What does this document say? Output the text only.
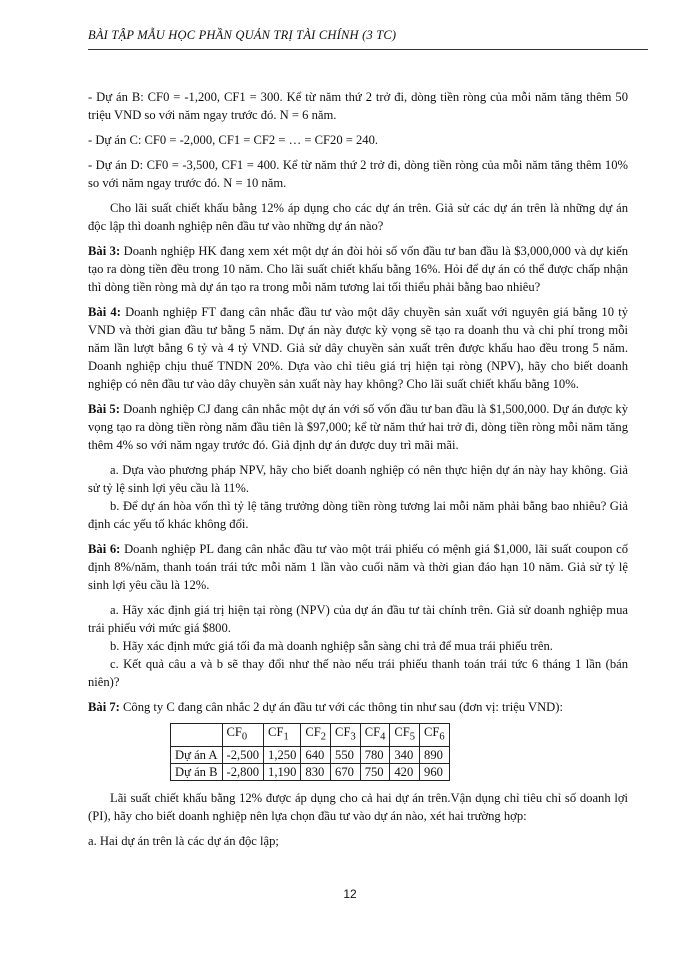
BÀI TẬP MẪU HỌC PHẦN QUẢN TRỊ TÀI CHÍNH (3 TC)

- Dự án B: CF0 = -1,200, CF1 = 300. Kể từ năm thứ 2 trở đi, dòng tiền ròng của mỗi năm tăng thêm 50 triệu VND so với năm ngay trước đó. N = 6 năm.

- Dự án C: CF0 = -2,000, CF1 = CF2 = … = CF20 = 240.

- Dự án D: CF0 = -3,500, CF1 = 400. Kể từ năm thứ 2 trở đi, dòng tiền ròng của mỗi năm tăng thêm 10% so với năm ngay trước đó. N = 10 năm.

Cho lãi suất chiết khấu bằng 12% áp dụng cho các dự án trên. Giả sử các dự án trên là những dự án độc lập thì doanh nghiệp nên đầu tư vào những dự án nào?

Bài 3: Doanh nghiệp HK đang xem xét một dự án đòi hỏi số vốn đầu tư ban đầu là $3,000,000 và dự kiến tạo ra dòng tiền đều trong 10 năm. Cho lãi suất chiết khấu bằng 16%. Hỏi để dự án có thể được chấp nhận thì dòng tiền ròng mà dự án tạo ra trong mỗi năm tương lai tối thiểu phải bằng bao nhiêu?

Bài 4: Doanh nghiệp FT đang cân nhắc đầu tư vào một dây chuyền sản xuất với nguyên giá bằng 10 tỷ VND và thời gian đầu tư bằng 5 năm. Dự án này được kỳ vọng sẽ tạo ra doanh thu và chi phí trong mỗi năm lần lượt bằng 6 tỷ và 4 tỷ VND. Giả sử dây chuyền sản xuất trên được khấu hao đều trong 5 năm. Doanh nghiệp chịu thuế TNDN 20%. Dựa vào chỉ tiêu giá trị hiện tại ròng (NPV), hãy cho biết doanh nghiệp có nên đầu tư vào dây chuyền sản xuất này hay không? Cho lãi suất chiết khấu bằng 10%.

Bài 5: Doanh nghiệp CJ đang cân nhắc một dự án với số vốn đầu tư ban đầu là $1,500,000. Dự án được kỳ vọng tạo ra dòng tiền ròng năm đầu tiên là $97,000; kể từ năm thứ hai trở đi, dòng tiền ròng mỗi năm tăng thêm 4% so với năm ngay trước đó. Giả định dự án được duy trì mãi mãi.

a. Dựa vào phương pháp NPV, hãy cho biết doanh nghiệp có nên thực hiện dự án này hay không. Giả sử tỷ lệ sinh lợi yêu cầu là 11%.

b. Để dự án hòa vốn thì tỷ lệ tăng trưởng dòng tiền ròng tương lai mỗi năm phải bằng bao nhiêu? Giả định các yếu tố khác không đổi.

Bài 6: Doanh nghiệp PL đang cân nhắc đầu tư vào một trái phiếu có mệnh giá $1,000, lãi suất coupon cố định 8%/năm, thanh toán trái tức mỗi năm 1 lần vào cuối năm và thời gian đáo hạn 10 năm. Giả sử tỷ lệ sinh lợi yêu cầu là 12%.

a. Hãy xác định giá trị hiện tại ròng (NPV) của dự án đầu tư tài chính trên. Giả sử doanh nghiệp mua trái phiếu với mức giá $800.

b. Hãy xác định mức giá tối đa mà doanh nghiệp sẵn sàng chi trả để mua trái phiếu trên.

c. Kết quả câu a và b sẽ thay đổi như thế nào nếu trái phiếu thanh toán trái tức 6 tháng 1 lần (bán niên)?

Bài 7: Công ty C đang cân nhắc 2 dự án đầu tư với các thông tin như sau (đơn vị: triệu VND):

	$CF_0$	$CF_1$	$CF_2$	$CF_3$	$CF_4$	$CF_5$	$CF_6$
Dự án A	-2,500	1,250	640	550	780	340	890
Dự án B	-2,800	1,190	830	670	750	420	960

Lãi suất chiết khấu bằng 12% được áp dụng cho cả hai dự án trên.Vận dụng chỉ tiêu chỉ số doanh lợi (PI), hãy cho biết doanh nghiệp nên lựa chọn đầu tư vào dự án nào, xét hai trường hợp:

a. Hai dự án trên là các dự án độc lập;

12
